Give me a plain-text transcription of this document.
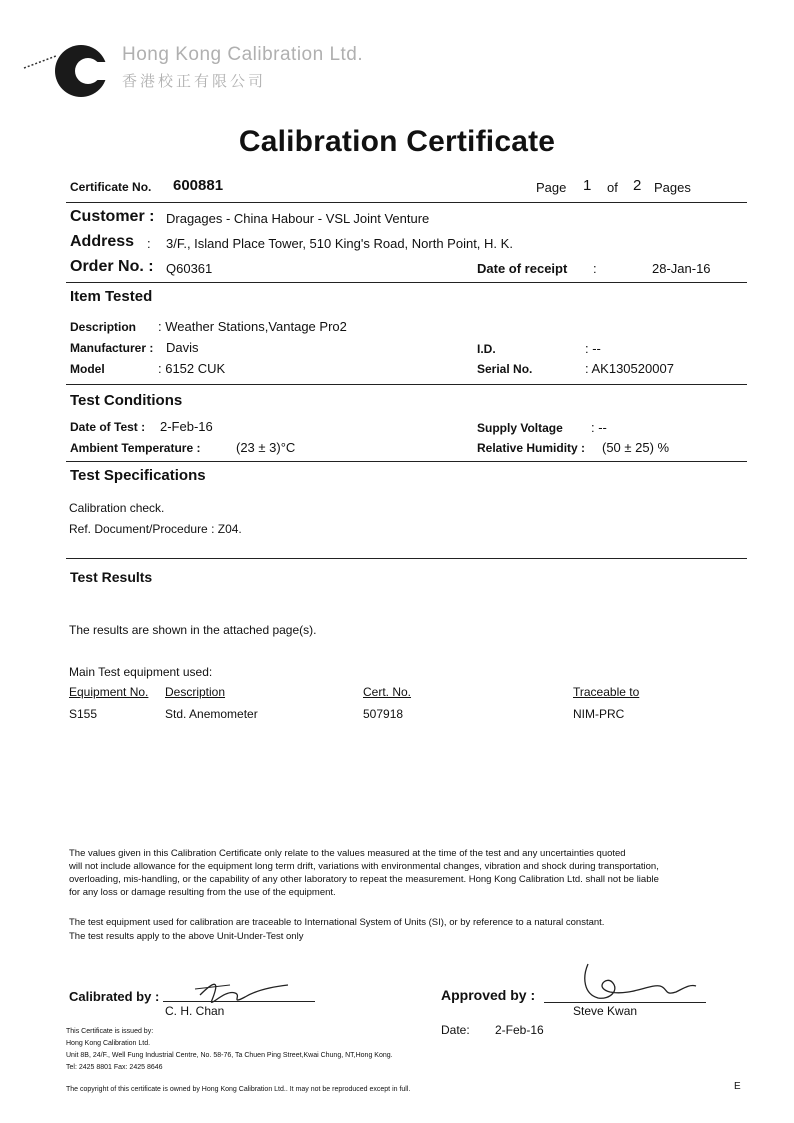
Hong Kong Calibration Ltd.
香港校正有限公司
Calibration Certificate
Certificate No. 600881	Page 1 of 2 Pages
Customer : Dragages - China Habour - VSL Joint Venture
Address : 3/F., Island Place Tower, 510 King's Road, North Point, H. K.
Order No. : Q60361	Date of receipt :	28-Jan-16
Item Tested
Description : Weather Stations,Vantage Pro2
Manufacturer : Davis
Model	: 6152 CUK
I.D.	: --
Serial No.	: AK130520007
Test Conditions
Date of Test : 2-Feb-16
Ambient Temperature :	(23 ± 3)°C
Supply Voltage : --
Relative Humidity : (50 ± 25) %
Test Specifications
Calibration check.
Ref. Document/Procedure : Z04.
Test Results
The results are shown in the attached page(s).
Main Test equipment used:
Equipment No. Description	Cert. No.	Traceable to
S155	Std. Anemometer	507918	NIM-PRC
The values given in this Calibration Certificate only relate to the values measured at the time of the test and any uncertainties quoted
will not include allowance for the equipment long term drift, variations with environmental changes, vibration and shock during transportation,
overloading, mis-handling, or the capability of any other laboratory to repeat the measurement. Hong Kong Calibration Ltd. shall not be liable
for any loss or damage resulting from the use of the equipment.
The test equipment used for calibration are traceable to International System of Units (SI), or by reference to a natural constant.
The test results apply to the above Unit-Under-Test only
Calibrated by :
C. H. Chan
Approved by :
Steve Kwan
Date: 2-Feb-16
This Certificate is issued by:
Hong Kong Calibration Ltd.
Unit 8B, 24/F., Well Fung Industrial Centre, No. 58-76, Ta Chuen Ping Street,Kwai Chung, NT,Hong Kong.
Tel: 2425 8801 Fax: 2425 8646
The copyright of this certificate is owned by Hong Kong Calibration Ltd.. It may not be reproduced except in full.	E
